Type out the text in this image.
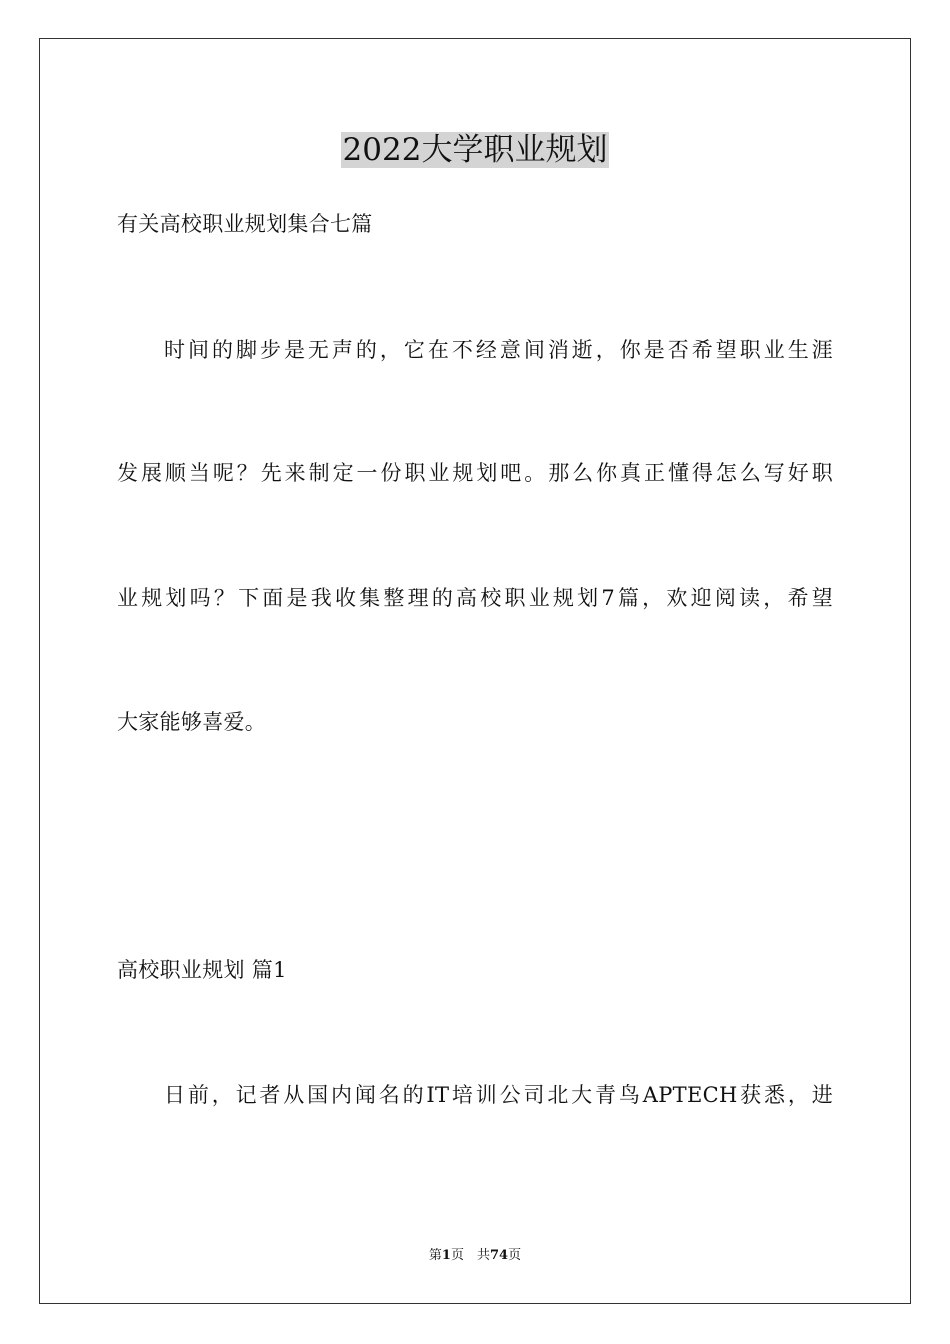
2022大学职业规划
有关高校职业规划集合七篇
时间的脚步是无声的，它在不经意间消逝，你是否希望职业生涯
发展顺当呢？先来制定一份职业规划吧。那么你真正懂得怎么写好职
业规划吗？下面是我收集整理的高校职业规划7篇，欢迎阅读，希望
大家能够喜爱。
高校职业规划 篇1
日前，记者从国内闻名的IT培训公司北大青鸟APTECH获悉，进
第1页　共74页
